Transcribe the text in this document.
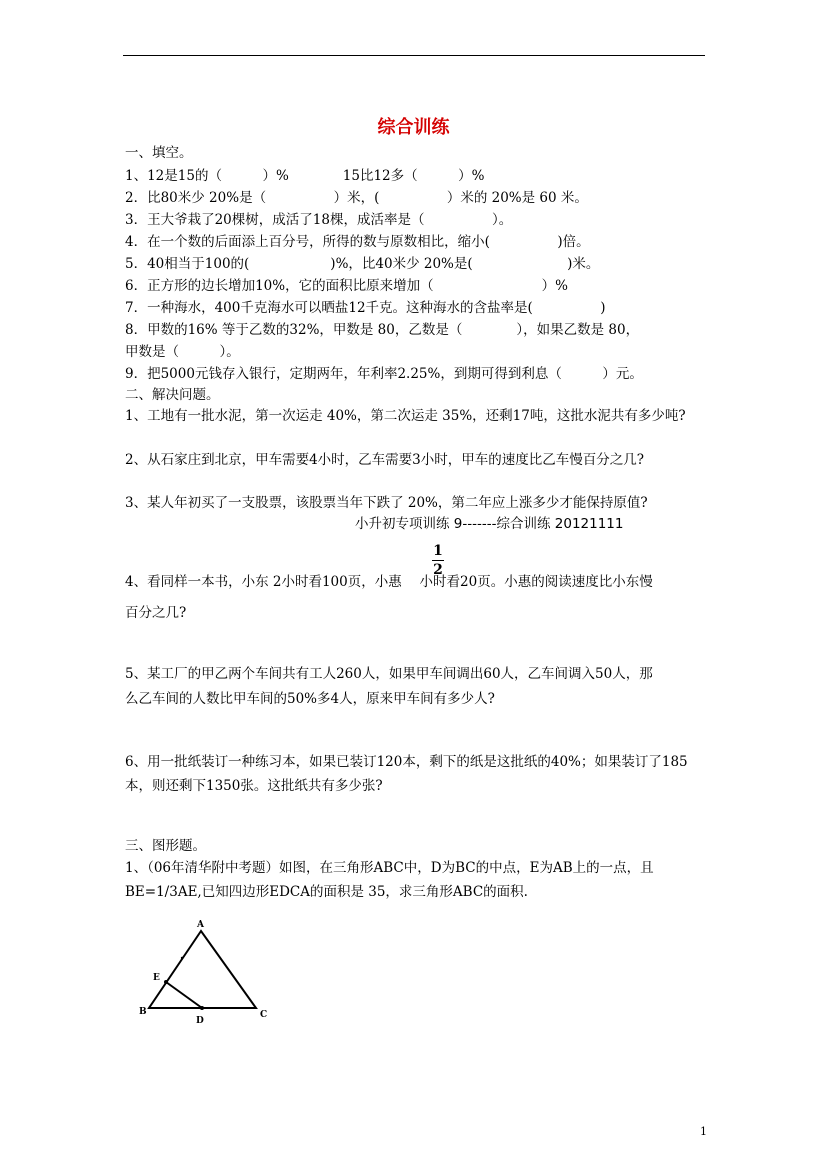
综合训练
一、填空。
1、12是15的（　　　）%　　　　15比12多（　　　）%
2．比80米少 20%是（　　　　　）米，(　　　　　）米的 20%是 60 米。
3．王大爷栽了20棵树，成活了18棵，成活率是（　　　　　）。
4．在一个数的后面添上百分号，所得的数与原数相比，缩小(　　　　　)倍。
5．40相当于100的(　　　　　　)%，比40米少 20%是(　　　　　　　)米。
6．正方形的边长增加10%，它的面积比原来增加（　　　　　　　　）%
7．一种海水，400千克海水可以晒盐12千克。这种海水的含盐率是(　　　　　)
8．甲数的16% 等于乙数的32%，甲数是 80，乙数是（　　　　），如果乙数是 80，
甲数是（　　　）。
9．把5000元钱存入银行，定期两年，年利率2.25%，到期可得到利息（　　　）元。
二、解决问题。
1、工地有一批水泥，第一次运走 40%，第二次运走 35%，还剩17吨，这批水泥共有多少吨?
2、从石家庄到北京，甲车需要4小时，乙车需要3小时，甲车的速度比乙车慢百分之几?
3、某人年初买了一支股票，该股票当年下跌了 20%，第二年应上涨多少才能保持原值?
小升初专项训练 9-------综合训练 20121111
1
2
4、看同样一本书，小东 2小时看100页，小惠　 小时看20页。小惠的阅读速度比小东慢
百分之几?
5、某工厂的甲乙两个车间共有工人260人，如果甲车间调出60人，乙车间调入50人，那
么乙车间的人数比甲车间的50%多4人，原来甲车间有多少人?
6、用一批纸装订一种练习本，如果已装订120本，剩下的纸是这批纸的40%；如果装订了185
本，则还剩下1350张。这批纸共有多少张?
三、图形题。
1、（06年清华附中考题）如图，在三角形ABC中，D为BC的中点，E为AB上的一点，且
BE=1/3AE,已知四边形EDCA的面积是 35，求三角形ABC的面积.
A
B	C
D
E
1
